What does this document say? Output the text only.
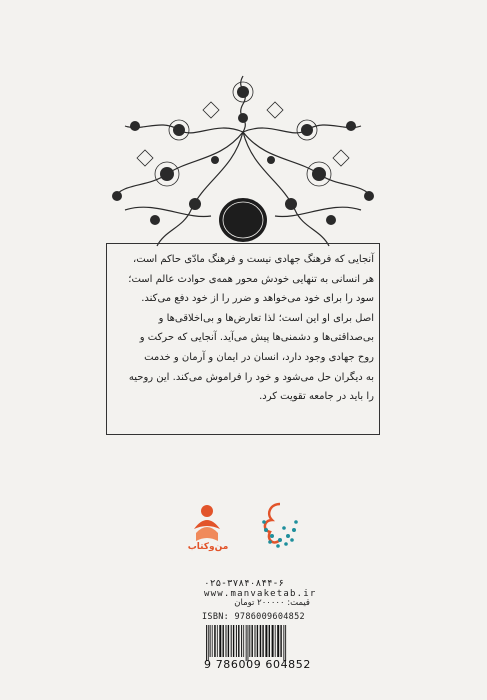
آنجایی که فرهنگ جهادی نیست و فرهنگ مادّی حاکم است،
هر انسانی به تنهایی خودش محور همه‌ی حوادث عالم است؛
سود را برای خود می‌خواهد و ضرر را از خود دفع می‌کند.
اصل برای او این است؛ لذا تعارض‌ها و بی‌اخلاقی‌ها و
بی‌صداقتی‌ها و دشمنی‌ها پیش می‌آید. آنجایی که حرکت و
روح جهادی وجود دارد، انسان در ایمان و آرمان و خدمت
به دیگران حل می‌شود و خود را فراموش می‌کند. این روحیه
را باید در جامعه تقویت کرد.
من‌و‌کتاب
۰۲۵-۳۷۸۴۰۸۴۴-۶
www.manvaketab.ir
قیمت: ۲۰۰۰۰۰ تومان
ISBN: 9786009604852
9 786009 604852
